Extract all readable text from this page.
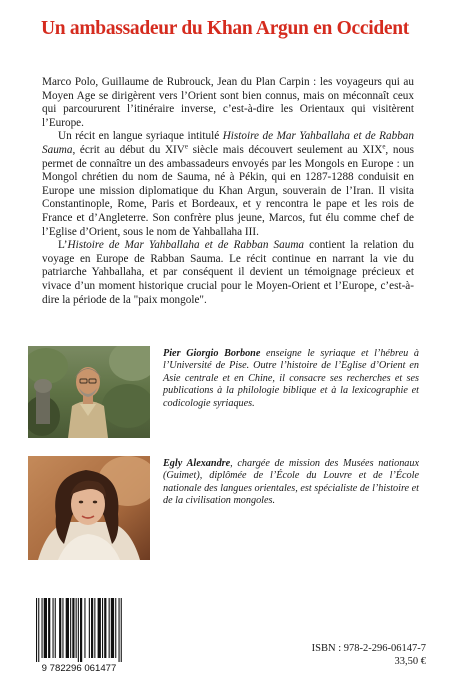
Un ambassadeur du Khan Argun en Occident

Marco Polo, Guillaume de Rubrouck, Jean du Plan Carpin : les voyageurs qui au Moyen Age se dirigèrent vers l’Orient sont bien connus, mais on méconnaît ceux qui parcoururent l’itinéraire inverse, c’est-à-dire les Orientaux qui visitèrent l’Europe.

Un récit en langue syriaque intitulé Histoire de Mar Yahballaha et de Rabban Sauma, écrit au début du XIVe siècle mais découvert seulement au XIXe, nous permet de connaître un des ambassadeurs envoyés par les Mongols en Europe : un Mongol chrétien du nom de Sauma, né à Pékin, qui en 1287-1288 conduisit en Europe une mission diplomatique du Khan Argun, souverain de l’Iran. Il visita Constantinople, Rome, Paris et Bordeaux, et y rencontra le pape et les rois de France et d’Angleterre. Son confrère plus jeune, Marcos, fut élu comme chef de l’Eglise d’Orient, sous le nom de Yahballaha III.

L’Histoire de Mar Yahballaha et de Rabban Sauma contient la relation du voyage en Europe de Rabban Sauma. Le récit continue en narrant la vie du patriarche Yahballaha, et par conséquent il devient un témoignage précieux et vivace d’un moment historique crucial pour le Moyen-Orient et l’Europe, c’est-à-dire la période de la "paix mongole".

Pier Giorgio Borbone enseigne le syriaque et l’hébreu à l’Université de Pise. Outre l’histoire de l’Eglise d’Orient en Asie centrale et en Chine, il consacre ses recherches et ses publications à la philologie biblique et à la lexicographie et codicologie syriaques.
Egly Alexandre, chargée de mission des Musées nationaux (Guimet), diplômée de l’École du Louvre et de l’École nationale des langues orientales, est spécialiste de l’histoire et de la civilisation mongoles.
9 782296 061477
ISBN : 978-2-296-06147-7
33,50 €
